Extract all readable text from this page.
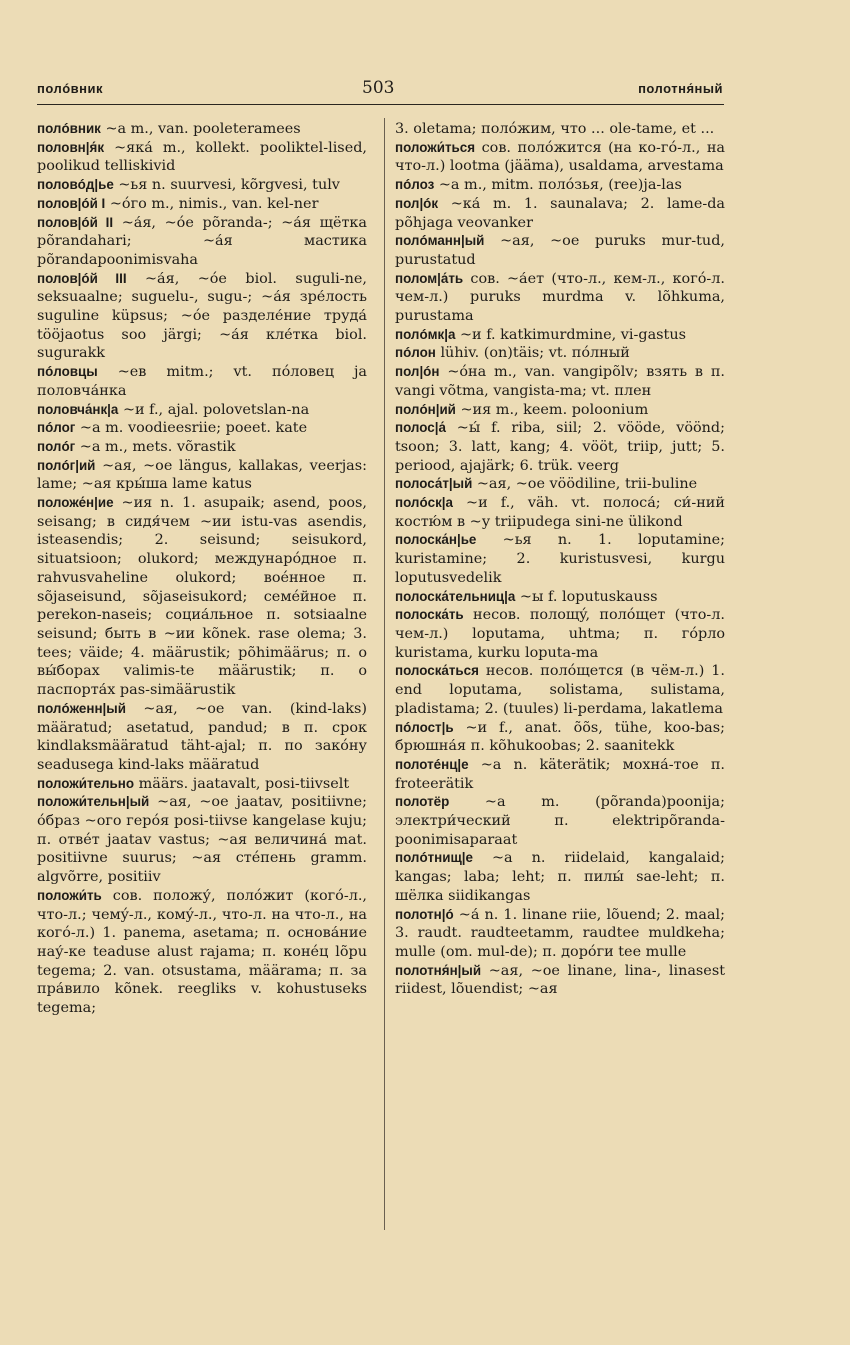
полóвник	503	полотня́ный
полóвник ~а m., van. pooleteramees
половн|я́к ~яка́ m., kollekt. pooliktel-lised, poolikud telliskivid
половóд|ье ~ья n. suurvesi, kõrgvesi, tulv
полов|óй I ~óго m., nimis., van. kel-ner
полов|óй II ~а́я, ~óе põranda-; ~а́я щётка põrandahari; ~а́я мастика põrandapoonimisvaha
полов|óй III ~а́я, ~óе biol. suguli-ne, seksuaalne; suguelu-, sugu-; ~а́я зре́лость suguline küpsus; ~óе разделе́ние труда́ tööjaotus soo järgi; ~а́я кле́тка biol. sugurakk
пóловцы ~ев mitm.; vt. пóловец ja половча́нка
половча́нк|а ~и f., ajal. polovetslan-na
пóлог ~а m. voodieesriie; poeet. kate
полóг ~а m., mets. võrastik
полóг|ий ~ая, ~ое längus, kallakas, veerjas: lame; ~ая кры́ша lame katus
положе́н|ие ~ия n. 1. asupaik; asend, poos, seisang; в сидя́чем ~ии istu-vas asendis, isteasendis; 2. seisund; seisukord, situatsioon; olukord; междунарóдное п. rahvusvaheline olukord; воéнное п. sõjaseisund, sõjaseisukord; семéйное п. perekon-naseis; социа́льное п. sotsiaalne seisund; быть в ~ии kõnek. rase olema; 3. tees; väide; 4. määrustik; põhimäärus; п. о вы́борах valimis-te määrustik; п. о паспорта́х pas-simäärustik
полóженн|ый ~ая, ~ое van. (kind-laks) määratud; asetatud, pandud; в п. срок kindlaksmääratud täht-ajal; п. по закóну seadusega kind-laks määratud
положи́тельно määrs. jaatavalt, posi-tiivselt
положи́тельн|ый ~ая, ~ое jaatav, positiivne; óбраз ~ого герóя posi-tiivse kangelase kuju; п. отвéт jaatav vastus; ~ая величина́ mat. positiivne suurus; ~ая стéпень gramm. algvõrre, positiiv
положи́ть сов. положу́, полóжит (когó-л., что-л.; чемý-л., комý-л., что-л. на что-л., на когó-л.) 1. panema, asetama; п. основа́ние нау́-ке teaduse alust rajama; п. конéц lõpu tegema; 2. van. otsustama, määrama; п. за пра́вило kõnek. reegliks v. kohustuseks tegema;
3. oletama; полóжим, что ... ole-tame, et ...
положи́ться сов. полóжится (на ко-гó-л., на что-л.) lootma (jääma), usaldama, arvestama
пóлоз ~а m., mitm. полóзья, (ree)ja-las
пол|óк ~ка́ m. 1. saunalava; 2. lame-da põhjaga veovanker
полóманн|ый ~ая, ~ое puruks mur-tud, purustatud
полом|а́ть сов. ~а́ет (что-л., кем-л., когó-л. чем-л.) puruks murdma v. lõhkuma, purustama
полóмк|а ~и f. katkimurdmine, vi-gastus
пóлон lühiv. (on)täis; vt. пóлный
пол|óн ~óна m., van. vangipõlv; взять в п. vangi võtma, vangista-ma; vt. плен
полóн|ий ~ия m., keem. poloonium
полос|а́ ~ы́ f. riba, siil; 2. vööde, vöönd; tsoon; 3. latt, kang; 4. vööt, triip, jutt; 5. periood, ajajärk; 6. trük. veerg
полоса́т|ый ~ая, ~ое vöödiline, trii-buline
полóск|а ~и f., väh. vt. полоса́; си́-ний костю́м в ~у triipudega sini-ne ülikond
полоска́н|ье ~ья n. 1. loputamine; kuristamine; 2. kuristusvesi, kurgu loputusvedelik
полоска́тельниц|а ~ы f. loputuskauss
полоска́ть несов. полощý, полóщет (что-л. чем-л.) loputama, uhtma; п. гóрло kuristama, kurku loputa-ma
полоска́ться несов. полóщется (в чём-л.) 1. end loputama, solistama, sulistama, pladistama; 2. (tuules) li-perdama, lakatlema
пóлост|ь ~и f., anat. õõs, tühe, koo-bas; брюшна́я п. kõhukoobas; 2. saanitekk
полотéнц|е ~а n. käterätik; мохна́-тое п. froteerätik
полотёр ~а m. (põranda)poonija; электри́ческий п. elektripõranda-poonimisaparaat
полóтнищ|е ~а n. riidelaid, kangalaid; kangas; laba; leht; п. пилы́ sae-leht; п. шёлка siidikangas
полотн|ó ~а́ n. 1. linane riie, lõuend; 2. maal; 3. raudt. raudteetamm, raudtee muldkeha; mulle (om. mul-de); п. дорóги tee mulle
полотня́н|ый ~ая, ~ое linane, lina-, linasest riidest, lõuendist; ~ая
